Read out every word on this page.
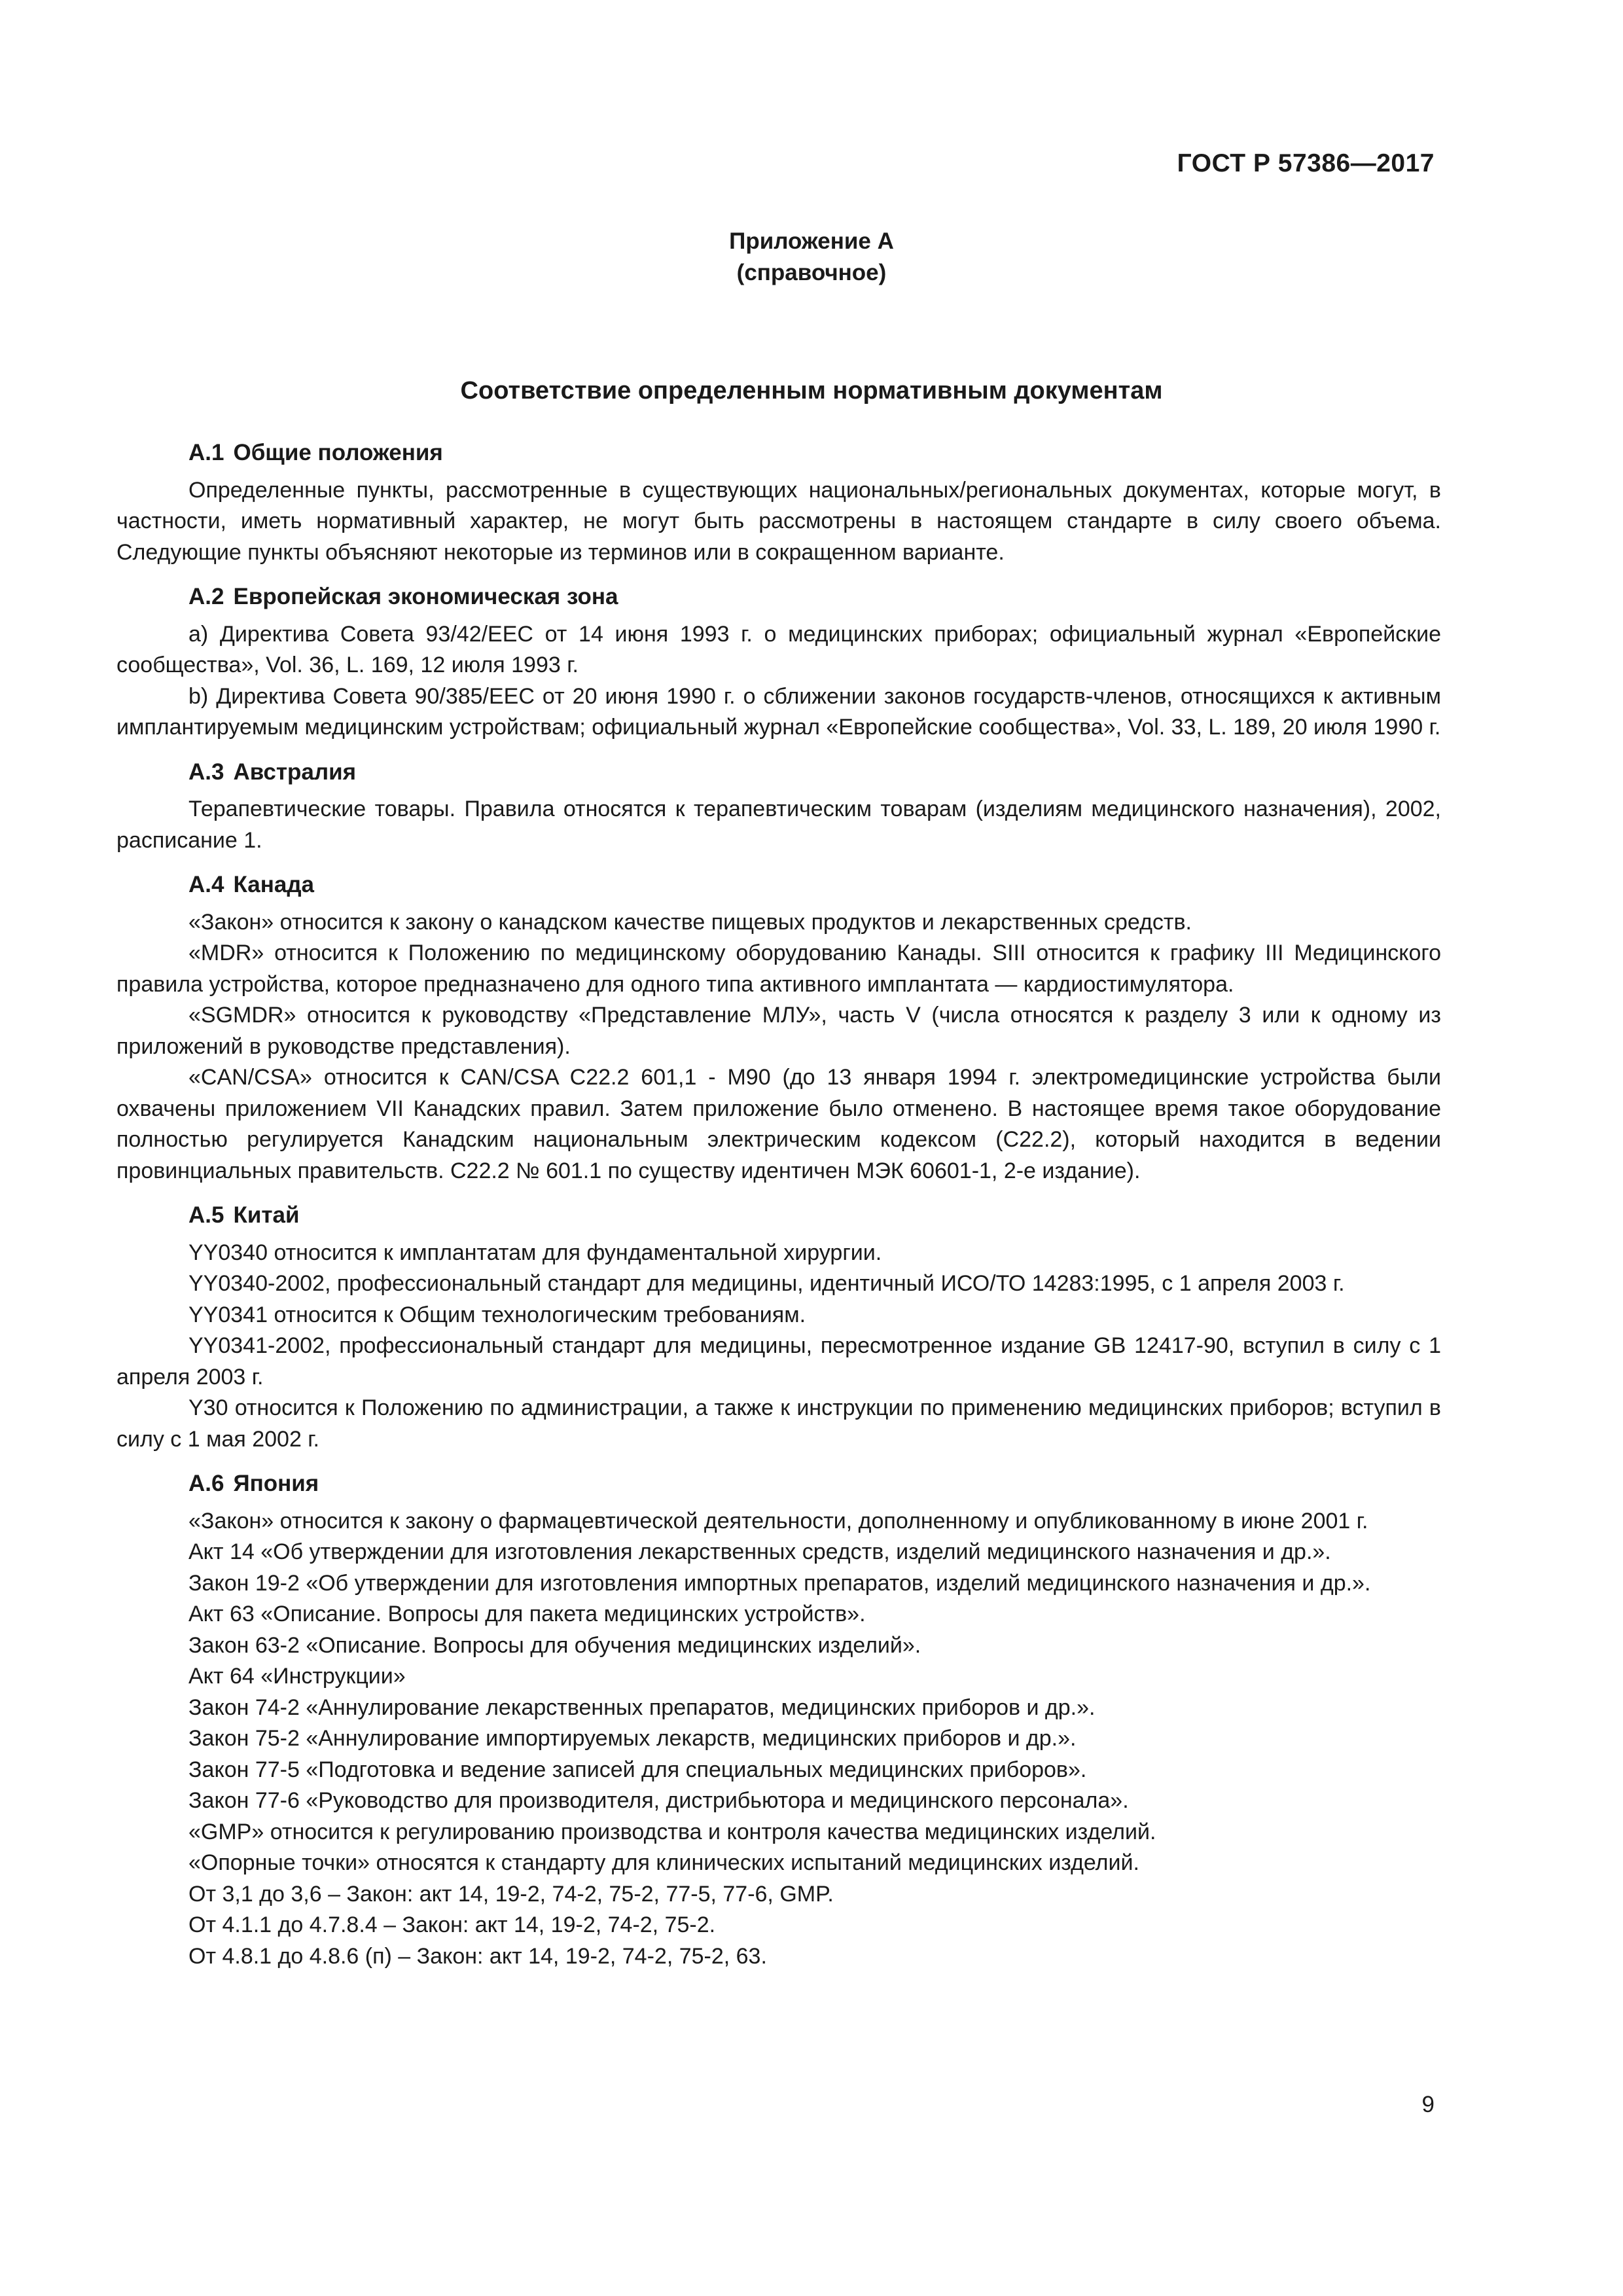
ГОСТ Р 57386—2017
Приложение А
(справочное)
Соответствие определенным нормативным документам
А.1 Общие положения

Определенные пункты, рассмотренные в существующих национальных/региональных документах, которые могут, в частности, иметь нормативный характер, не могут быть рассмотрены в настоящем стандарте в силу своего объема. Следующие пункты объясняют некоторые из терминов или в сокращенном варианте.

А.2 Европейская экономическая зона

a) Директива Совета 93/42/ЕЕС от 14 июня 1993 г. о медицинских приборах; официальный журнал «Европейские сообщества», Vol. 36, L. 169, 12 июля 1993 г.

b) Директива Совета 90/385/ЕЕС от 20 июня 1990 г. о сближении законов государств-членов, относящихся к активным имплантируемым медицинским устройствам; официальный журнал «Европейские сообщества», Vol. 33, L. 189, 20 июля 1990 г.

А.3 Австралия

Терапевтические товары. Правила относятся к терапевтическим товарам (изделиям медицинского назначения), 2002, расписание 1.

А.4 Канада

«Закон» относится к закону о канадском качестве пищевых продуктов и лекарственных средств.

«MDR» относится к Положению по медицинскому оборудованию Канады. SIII относится к графику III Медицинского правила устройства, которое предназначено для одного типа активного имплантата — кардиостимулятора.

«SGMDR» относится к руководству «Представление МЛУ», часть V (числа относятся к разделу 3 или к одному из приложений в руководстве представления).

«CAN/CSA» относится к CAN/CSA C22.2 601,1 - M90 (до 13 января 1994 г. электромедицинские устройства были охвачены приложением VII Канадских правил. Затем приложение было отменено. В настоящее время такое оборудование полностью регулируется Канадским национальным электрическим кодексом (С22.2), который находится в ведении провинциальных правительств. С22.2 № 601.1 по существу идентичен МЭК 60601-1, 2-е издание).

А.5 Китай

YY0340 относится к имплантатам для фундаментальной хирургии.

YY0340-2002, профессиональный стандарт для медицины, идентичный ИСО/ТО 14283:1995, с 1 апреля 2003 г.

YY0341 относится к Общим технологическим требованиям.

YY0341-2002, профессиональный стандарт для медицины, пересмотренное издание GB 12417-90, вступил в силу с 1 апреля 2003 г.

Y30 относится к Положению по администрации, а также к инструкции по применению медицинских приборов; вступил в силу с 1 мая 2002 г.

А.6 Япония

«Закон» относится к закону о фармацевтической деятельности, дополненному и опубликованному в июне 2001 г.

Акт 14 «Об утверждении для изготовления лекарственных средств, изделий медицинского назначения и др.».

Закон 19-2 «Об утверждении для изготовления импортных препаратов, изделий медицинского назначения и др.».

Акт 63 «Описание. Вопросы для пакета медицинских устройств».

Закон 63-2 «Описание. Вопросы для обучения медицинских изделий».

Акт 64 «Инструкции»

Закон 74-2 «Аннулирование лекарственных препаратов, медицинских приборов и др.».

Закон 75-2 «Аннулирование импортируемых лекарств, медицинских приборов и др.».

Закон 77-5 «Подготовка и ведение записей для специальных медицинских приборов».

Закон 77-6 «Руководство для производителя, дистрибьютора и медицинского персонала».

«GMP» относится к регулированию производства и контроля качества медицинских изделий.

«Опорные точки» относятся к стандарту для клинических испытаний медицинских изделий.

От 3,1 до 3,6 – Закон: акт 14, 19-2, 74-2, 75-2, 77-5, 77-6, GMP.

От 4.1.1 до 4.7.8.4 – Закон: акт 14, 19-2, 74-2, 75-2.

От 4.8.1 до 4.8.6 (п) – Закон: акт 14, 19-2, 74-2, 75-2, 63.

9
